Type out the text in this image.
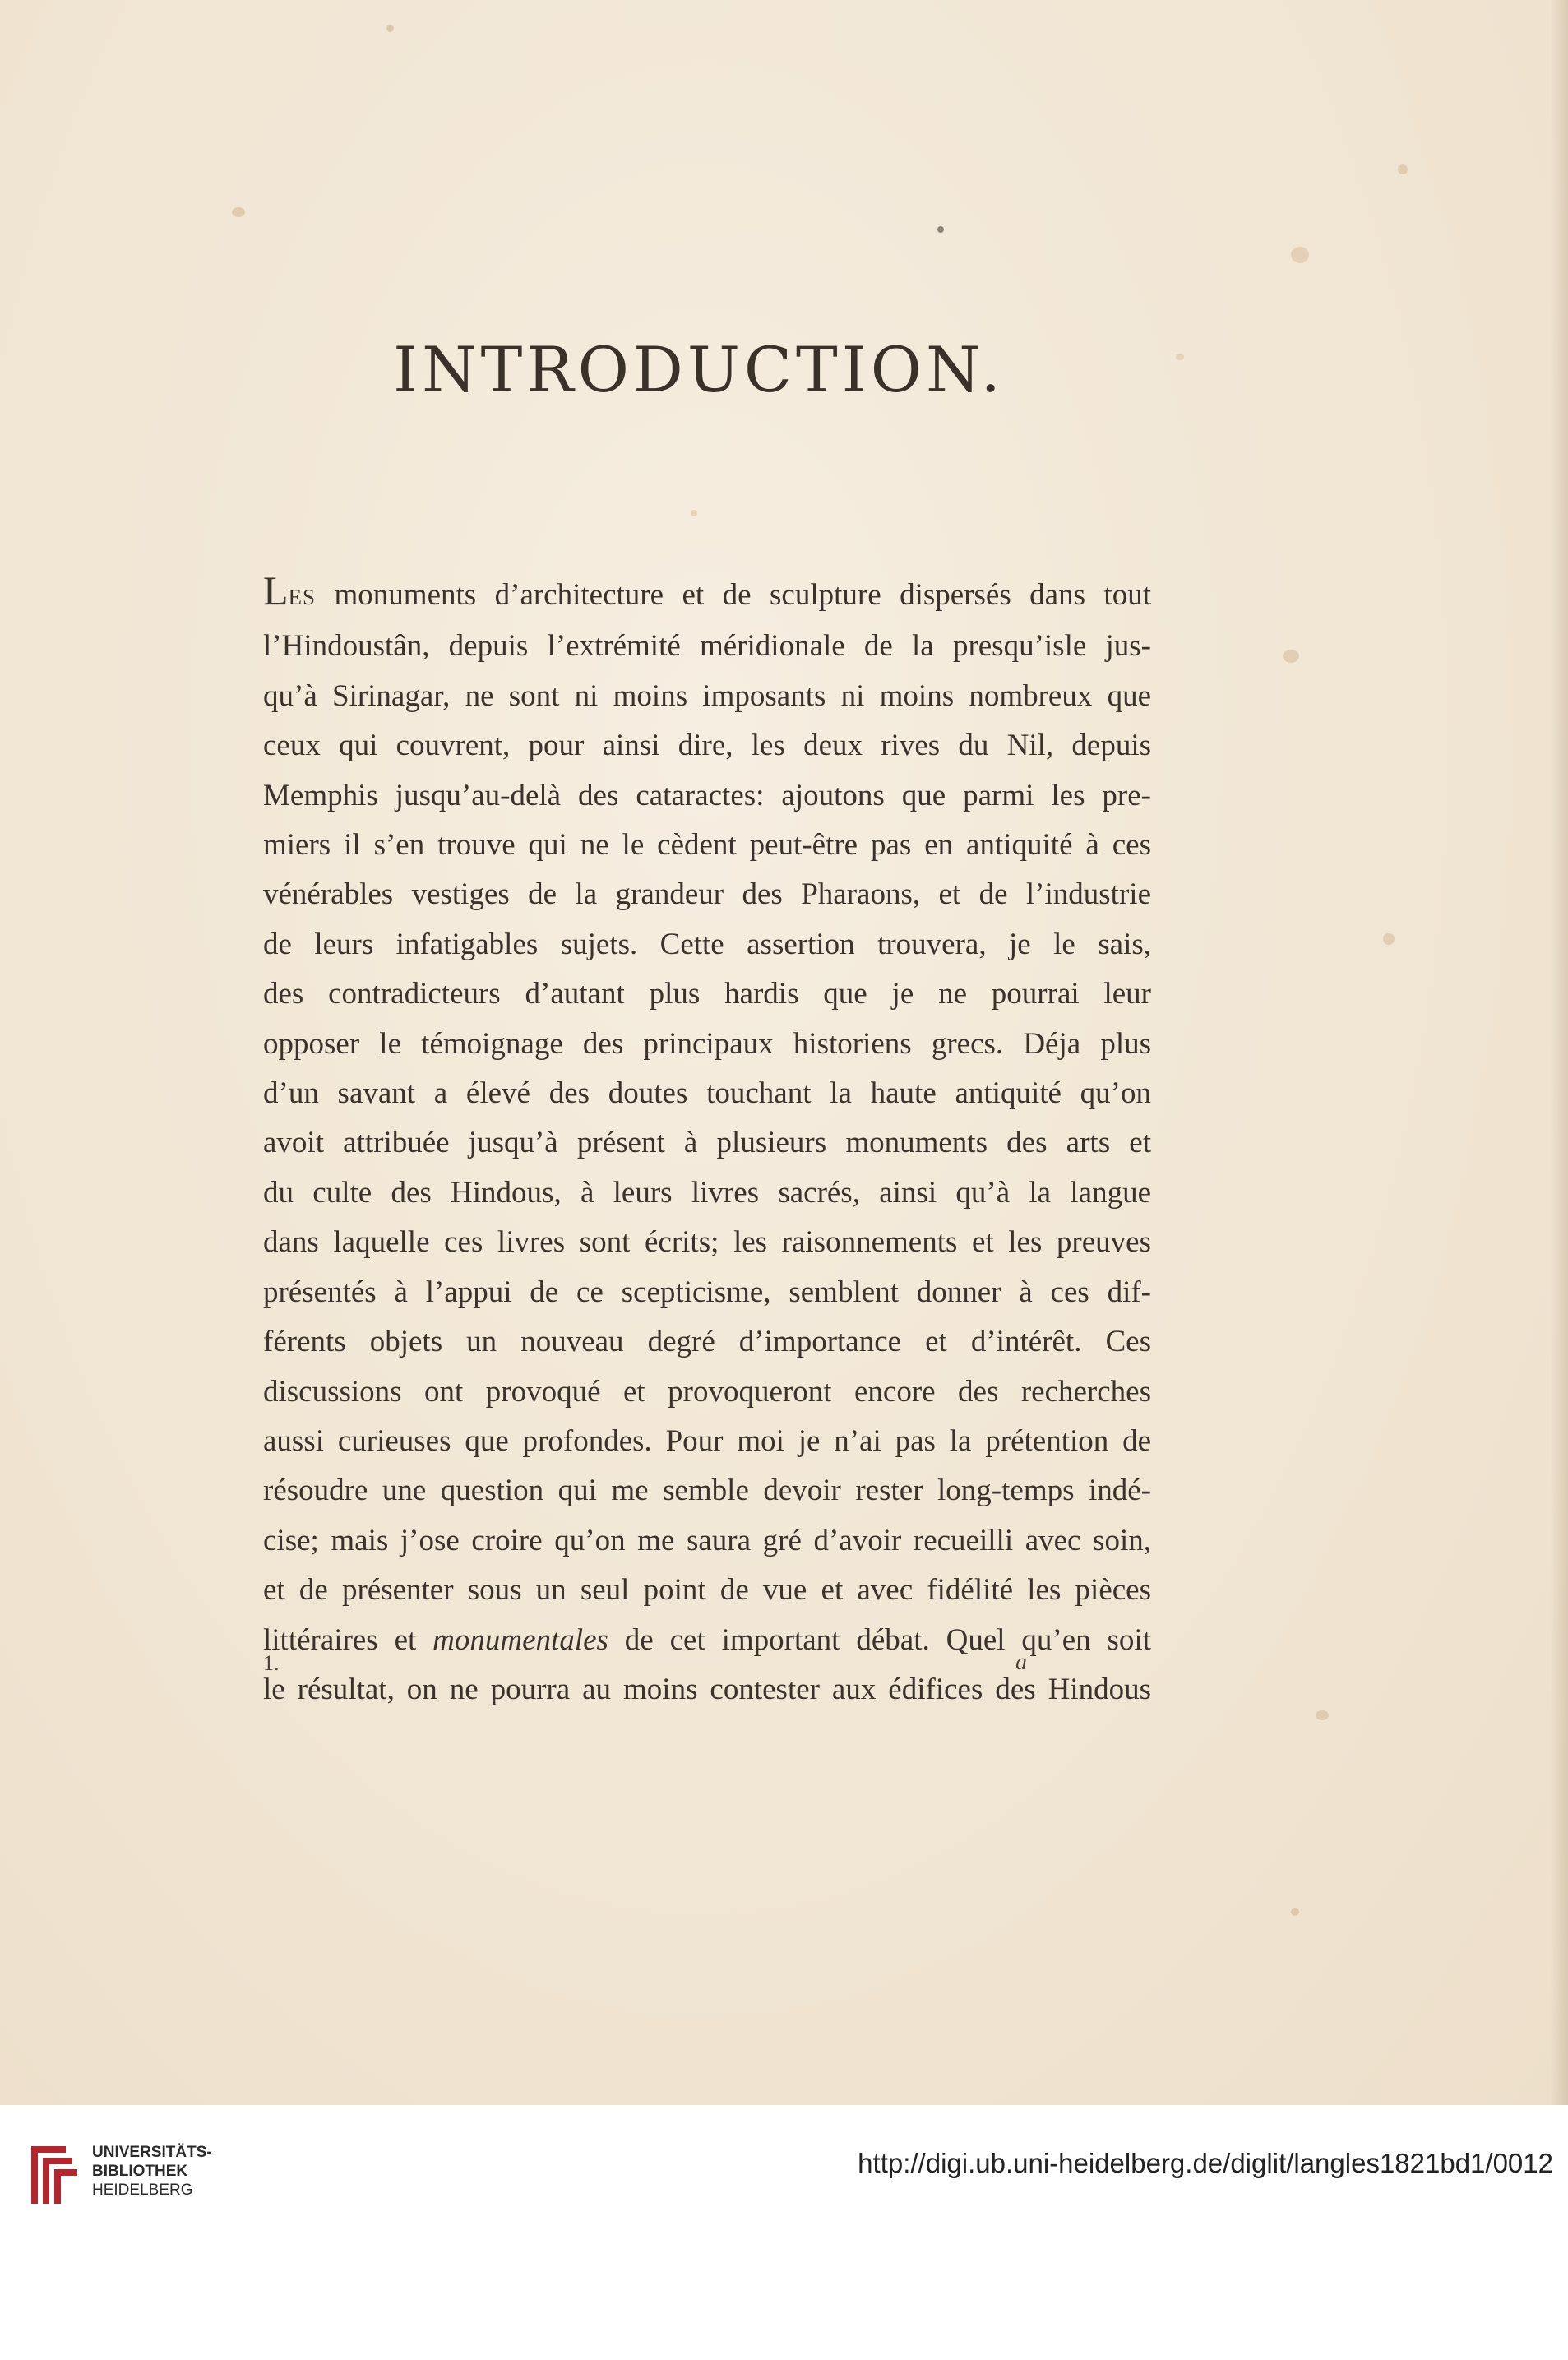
INTRODUCTION.
LES monuments d’architecture et de sculpture dispersés dans tout
l’Hindoustân, depuis l’extrémité méridionale de la presqu’isle jus-
qu’à Sirinagar, ne sont ni moins imposants ni moins nombreux que
ceux qui couvrent, pour ainsi dire, les deux rives du Nil, depuis
Memphis jusqu’au-delà des cataractes: ajoutons que parmi les pre-
miers il s’en trouve qui ne le cèdent peut-être pas en antiquité à ces
vénérables vestiges de la grandeur des Pharaons, et de l’industrie
de leurs infatigables sujets. Cette assertion trouvera, je le sais,
des contradicteurs d’autant plus hardis que je ne pourrai leur
opposer le témoignage des principaux historiens grecs. Déja plus
d’un savant a élevé des doutes touchant la haute antiquité qu’on
avoit attribuée jusqu’à présent à plusieurs monuments des arts et
du culte des Hindous, à leurs livres sacrés, ainsi qu’à la langue
dans laquelle ces livres sont écrits; les raisonnements et les preuves
présentés à l’appui de ce scepticisme, semblent donner à ces dif-
férents objets un nouveau degré d’importance et d’intérêt. Ces
discussions ont provoqué et provoqueront encore des recherches
aussi curieuses que profondes. Pour moi je n’ai pas la prétention de
résoudre une question qui me semble devoir rester long-temps indé-
cise; mais j’ose croire qu’on me saura gré d’avoir recueilli avec soin,
et de présenter sous un seul point de vue et avec fidélité les pièces
littéraires et monumentales de cet important débat. Quel qu’en soit
le résultat, on ne pourra au moins contester aux édifices des Hindous
1.	a
UNIVERSITÄTS-
BIBLIOTHEK
HEIDELBERG
http://digi.ub.uni-heidelberg.de/diglit/langles1821bd1/0012
